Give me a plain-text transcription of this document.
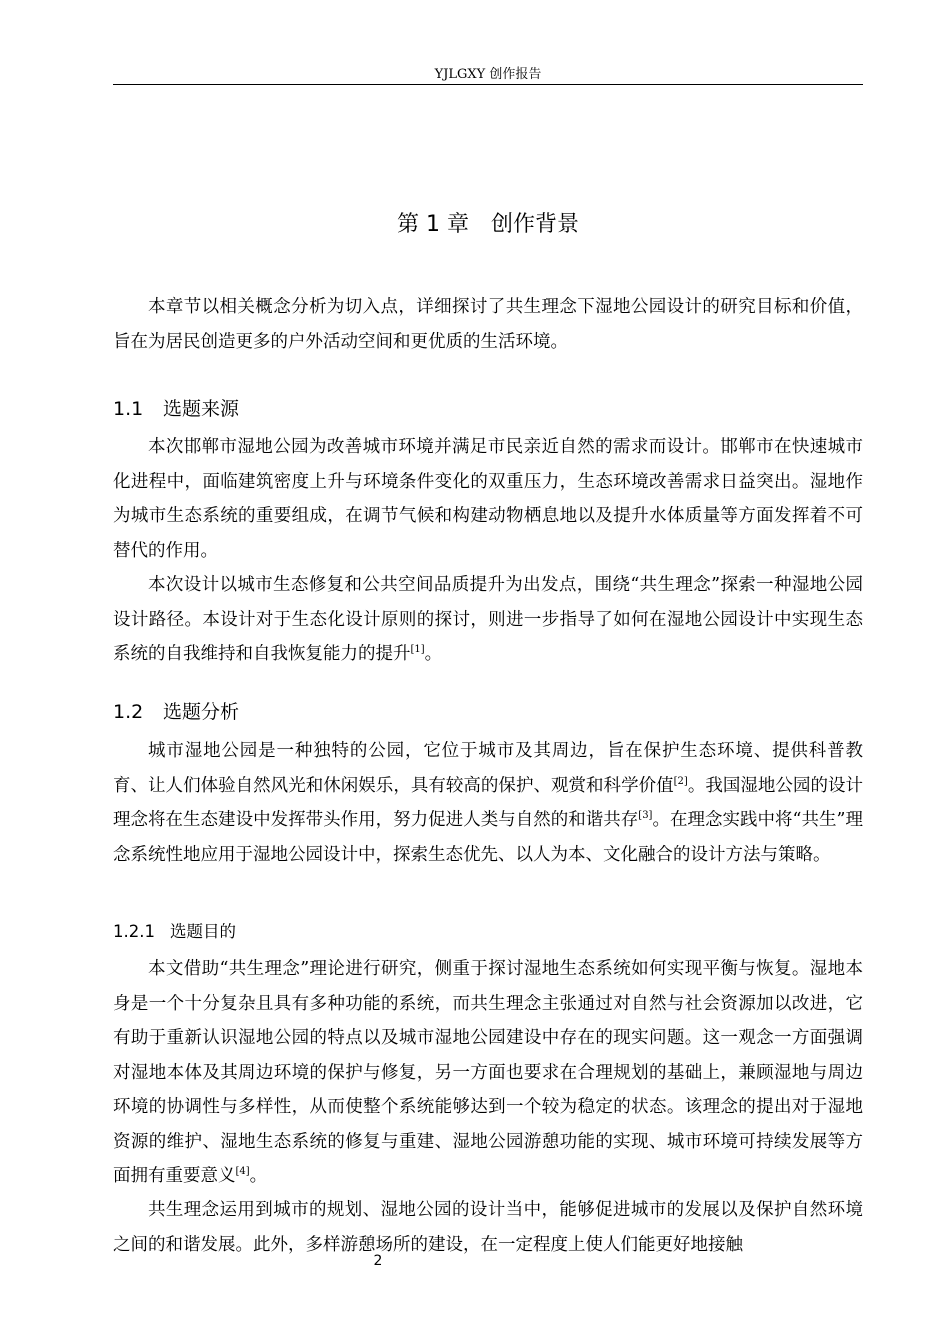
YJLGXY 创作报告
第 1 章　创作背景

本章节以相关概念分析为切入点，详细探讨了共生理念下湿地公园设计的研究目标和价值，旨在为居民创造更多的户外活动空间和更优质的生活环境。

1.1 选题来源

本次邯郸市湿地公园为改善城市环境并满足市民亲近自然的需求而设计。邯郸市在快速城市化进程中，面临建筑密度上升与环境条件变化的双重压力，生态环境改善需求日益突出。湿地作为城市生态系统的重要组成，在调节气候和构建动物栖息地以及提升水体质量等方面发挥着不可替代的作用。

本次设计以城市生态修复和公共空间品质提升为出发点，围绕“共生理念”探索一种湿地公园设计路径。本设计对于生态化设计原则的探讨，则进一步指导了如何在湿地公园设计中实现生态系统的自我维持和自我恢复能力的提升[1]。

1.2 选题分析

城市湿地公园是一种独特的公园，它位于城市及其周边，旨在保护生态环境、提供科普教育、让人们体验自然风光和休闲娱乐，具有较高的保护、观赏和科学价值[2]。我国湿地公园的设计理念将在生态建设中发挥带头作用，努力促进人类与自然的和谐共存[3]。在理念实践中将“共生”理念系统性地应用于湿地公园设计中，探索生态优先、以人为本、文化融合的设计方法与策略。

1.2.1 选题目的

本文借助“共生理念”理论进行研究，侧重于探讨湿地生态系统如何实现平衡与恢复。湿地本身是一个十分复杂且具有多种功能的系统，而共生理念主张通过对自然与社会资源加以改进，它有助于重新认识湿地公园的特点以及城市湿地公园建设中存在的现实问题。这一观念一方面强调对湿地本体及其周边环境的保护与修复，另一方面也要求在合理规划的基础上，兼顾湿地与周边环境的协调性与多样性，从而使整个系统能够达到一个较为稳定的状态。该理念的提出对于湿地资源的维护、湿地生态系统的修复与重建、湿地公园游憩功能的实现、城市环境可持续发展等方面拥有重要意义[4]。

共生理念运用到城市的规划、湿地公园的设计当中，能够促进城市的发展以及保护自然环境之间的和谐发展。此外，多样游憩场所的建设，在一定程度上使人们能更好地接触

2
